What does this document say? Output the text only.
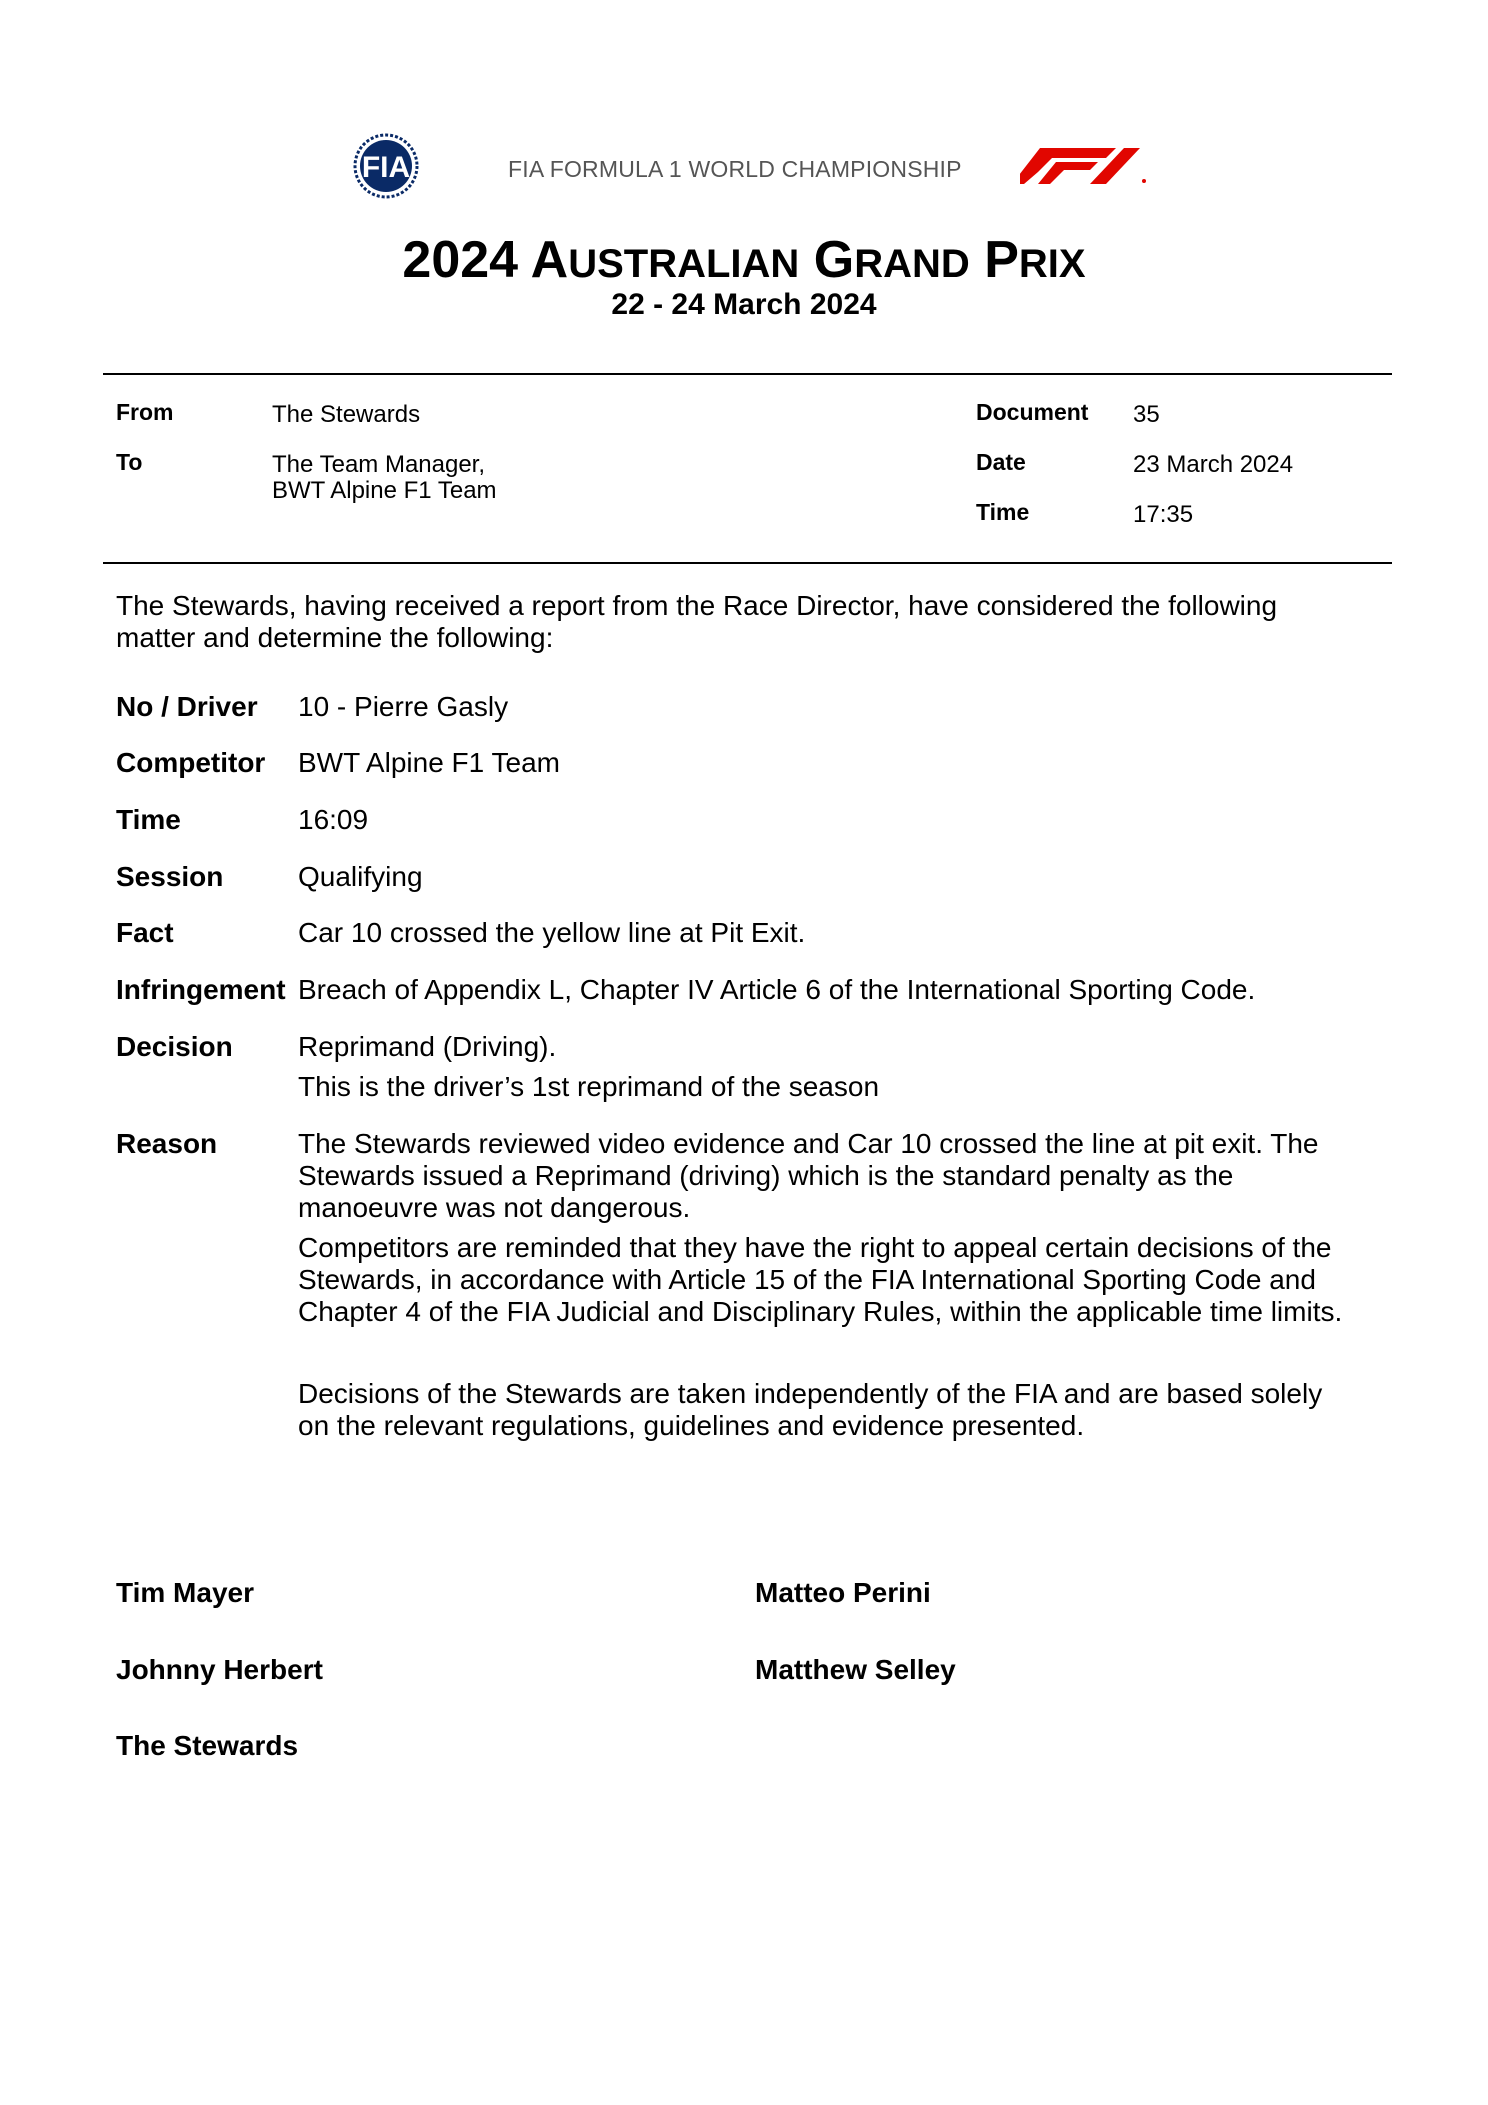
FIA	FIA FORMULA 1 WORLD CHAMPIONSHIP
2024 AUSTRALIAN GRAND PRIX
22 - 24 March 2024
From	The Stewards
To	The Team Manager,
BWT Alpine F1 Team
Document 35
Date	23 March 2024
Time	17:35
The Stewards, having received a report from the Race Director, have considered the following matter and determine the following:
No / Driver 10 - Pierre Gasly
Competitor BWT Alpine F1 Team
Time	16:09
Session	Qualifying
Fact	Car 10 crossed the yellow line at Pit Exit.
Infringement Breach of Appendix L, Chapter IV Article 6 of the International Sporting Code.
Decision Reprimand (Driving).

This is the driver’s 1st reprimand of the season

Reason	The Stewards reviewed video evidence and Car 10 crossed the line at pit exit. The Stewards issued a Reprimand (driving) which is the standard penalty as the manoeuvre was not dangerous.

Competitors are reminded that they have the right to appeal certain decisions of the Stewards, in accordance with Article 15 of the FIA International Sporting Code and Chapter 4 of the FIA Judicial and Disciplinary Rules, within the applicable time limits.

Decisions of the Stewards are taken independently of the FIA and are based solely on the relevant regulations, guidelines and evidence presented.
Tim Mayer	Matteo Perini
Johnny Herbert	Matthew Selley
The Stewards
